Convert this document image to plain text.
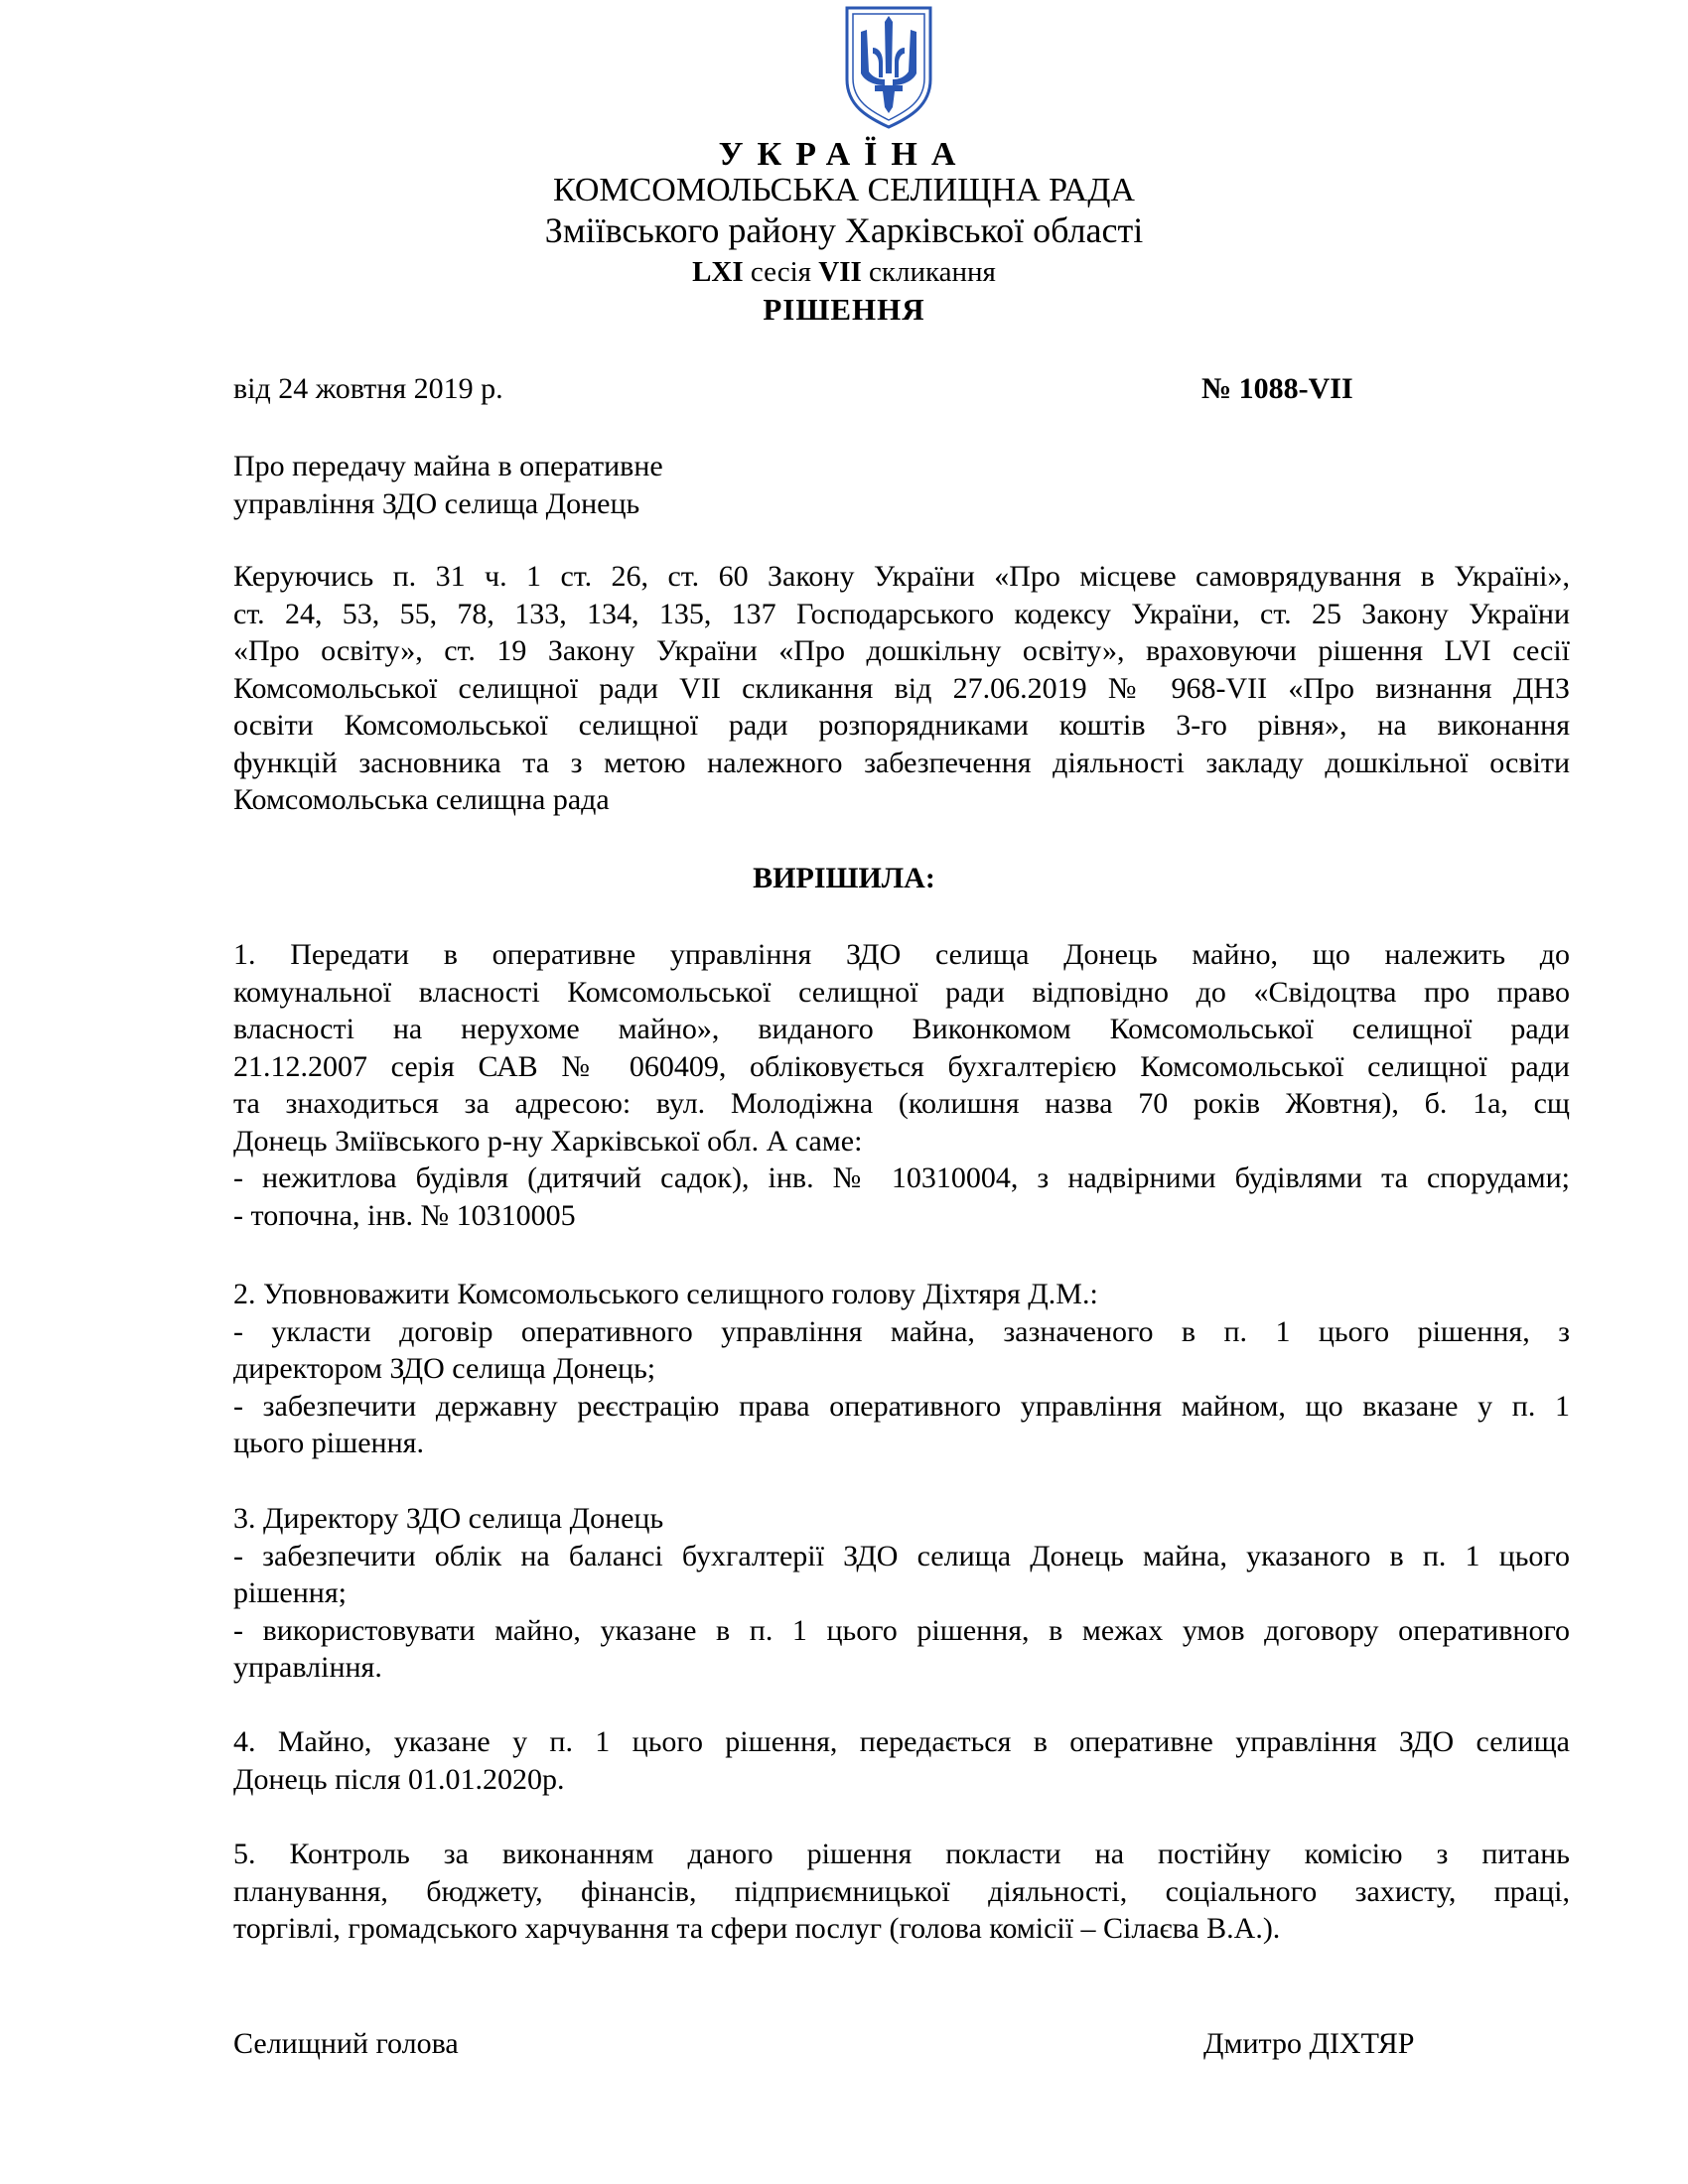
УКРАЇНА
КОМСОМОЛЬСЬКА СЕЛИЩНА РАДА
Зміївського району Харківської області
LXI сесія VII скликання
РІШЕННЯ
від 24 жовтня 2019 р.	№ 1088-VII
Про передачу майна в оперативне
управління ЗДО селища Донець
Керуючись п. 31 ч. 1 ст. 26, ст. 60 Закону України «Про місцеве самоврядування в Україні»,
ст. 24, 53, 55, 78, 133, 134, 135, 137 Господарського кодексу України, ст. 25 Закону України
«Про освіту», ст. 19 Закону України «Про дошкільну освіту», враховуючи рішення LVI сесії
Комсомольської селищної ради VII скликання від 27.06.2019 № 968-VII «Про визнання ДНЗ
освіти Комсомольської селищної ради розпорядниками коштів 3-го рівня», на виконання
функцій засновника та з метою належного забезпечення діяльності закладу дошкільної освіти
Комсомольська селищна рада
ВИРІШИЛА:
1. Передати в оперативне управління ЗДО селища Донець майно, що належить до
комунальної власності Комсомольської селищної ради відповідно до «Свідоцтва про право
власності на нерухоме майно», виданого Виконкомом Комсомольської селищної ради
21.12.2007 серія САВ № 060409, обліковується бухгалтерією Комсомольської селищної ради
та знаходиться за адресою: вул. Молодіжна (колишня назва 70 років Жовтня), б. 1а, сщ
Донець Зміївського р-ну Харківської обл. А саме:
- нежитлова будівля (дитячий садок), інв. № 10310004, з надвірними будівлями та спорудами;
- топочна, інв. № 10310005
2. Уповноважити Комсомольського селищного голову Діхтяря Д.М.:
- укласти договір оперативного управління майна, зазначеного в п. 1 цього рішення, з
директором ЗДО селища Донець;
- забезпечити державну реєстрацію права оперативного управління майном, що вказане у п. 1
цього рішення.
3. Директору ЗДО селища Донець
- забезпечити облік на балансі бухгалтерії ЗДО селища Донець майна, указаного в п. 1 цього
рішення;
- використовувати майно, указане в п. 1 цього рішення, в межах умов договору оперативного
управління.
4. Майно, указане у п. 1 цього рішення, передається в оперативне управління ЗДО селища
Донець після 01.01.2020р.
5. Контроль за виконанням даного рішення покласти на постійну комісію з питань
планування, бюджету, фінансів, підприємницької діяльності, соціального захисту, праці,
торгівлі, громадського харчування та сфери послуг (голова комісії – Сілаєва В.А.).
Селищний голова	Дмитро ДІХТЯР
